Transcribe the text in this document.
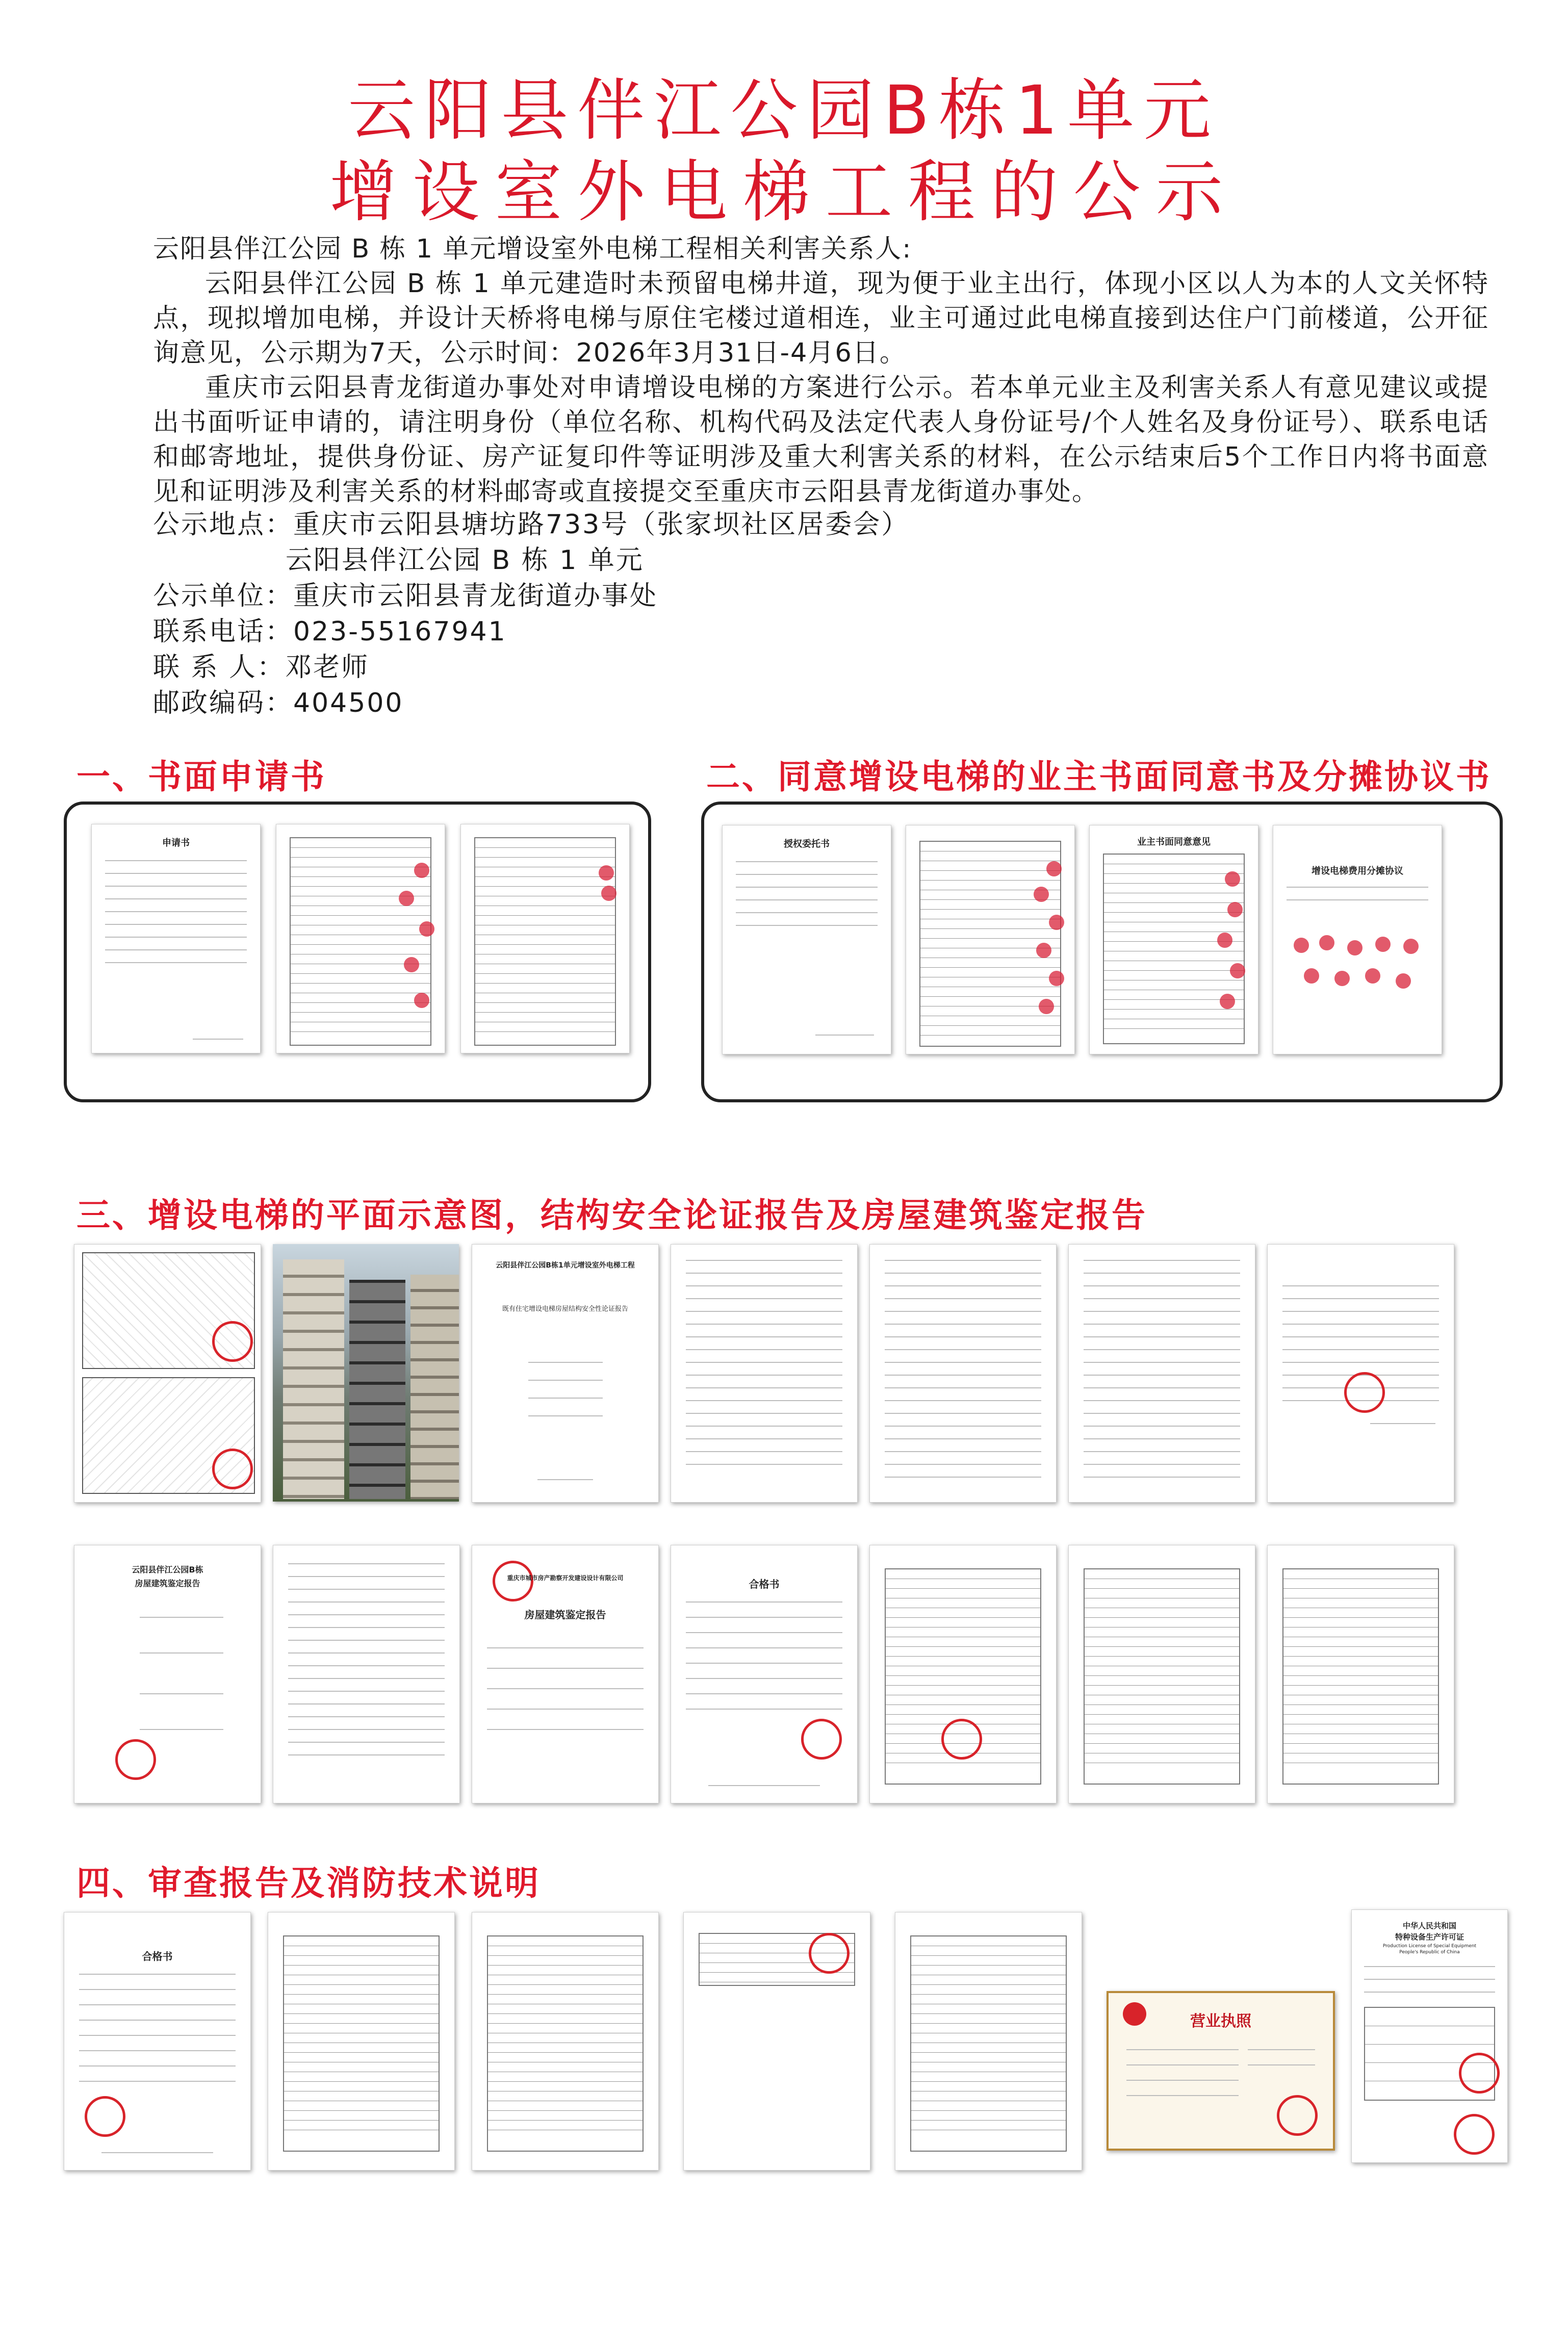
云阳县伴江公园B栋1单元
增设室外电梯工程的公示

云阳县伴江公园 B 栋 1 单元增设室外电梯工程相关利害关系人:

云阳县伴江公园 B 栋 1 单元建造时未预留电梯井道，现为便于业主出行，体现小区以人为本的人文关怀特点，现拟增加电梯，并设计天桥将电梯与原住宅楼过道相连，业主可通过此电梯直接到达住户门前楼道，公开征询意见，公示期为7天，公示时间：2026年3月31日-4月6日。

重庆市云阳县青龙街道办事处对申请增设电梯的方案进行公示。若本单元业主及利害关系人有意见建议或提出书面听证申请的，请注明身份（单位名称、机构代码及法定代表人身份证号/个人姓名及身份证号）、联系电话和邮寄地址，提供身份证、房产证复印件等证明涉及重大利害关系的材料，在公示结束后5个工作日内将书面意见和证明涉及利害关系的材料邮寄或直接提交至重庆市云阳县青龙街道办事处。

公示地点：重庆市云阳县塘坊路733号（张家坝社区居委会）
云阳县伴江公园 B 栋 1 单元
公示单位：重庆市云阳县青龙街道办事处
联系电话：023-55167941
联 系 人：邓老师
邮政编码：404500
一、书面申请书
申请书
二、同意增设电梯的业主书面同意书及分摊协议书
授权委托书	业主书面同意意见
增设电梯费用分摊协议
三、增设电梯的平面示意图，结构安全论证报告及房屋建筑鉴定报告
云阳县伴江公园B栋1单元增设室外电梯工程
既有住宅增设电梯房屋结构安全性论证报告
云阳县伴江公园B栋
房屋建筑鉴定报告
重庆市城市房产勘察开发建设设计有限公司
房屋建筑鉴定报告
合格书
四、审查报告及消防技术说明
合格书
营业执照
中华人民共和国
特种设备生产许可证
Production License of Special Equipment
People's Republic of China
